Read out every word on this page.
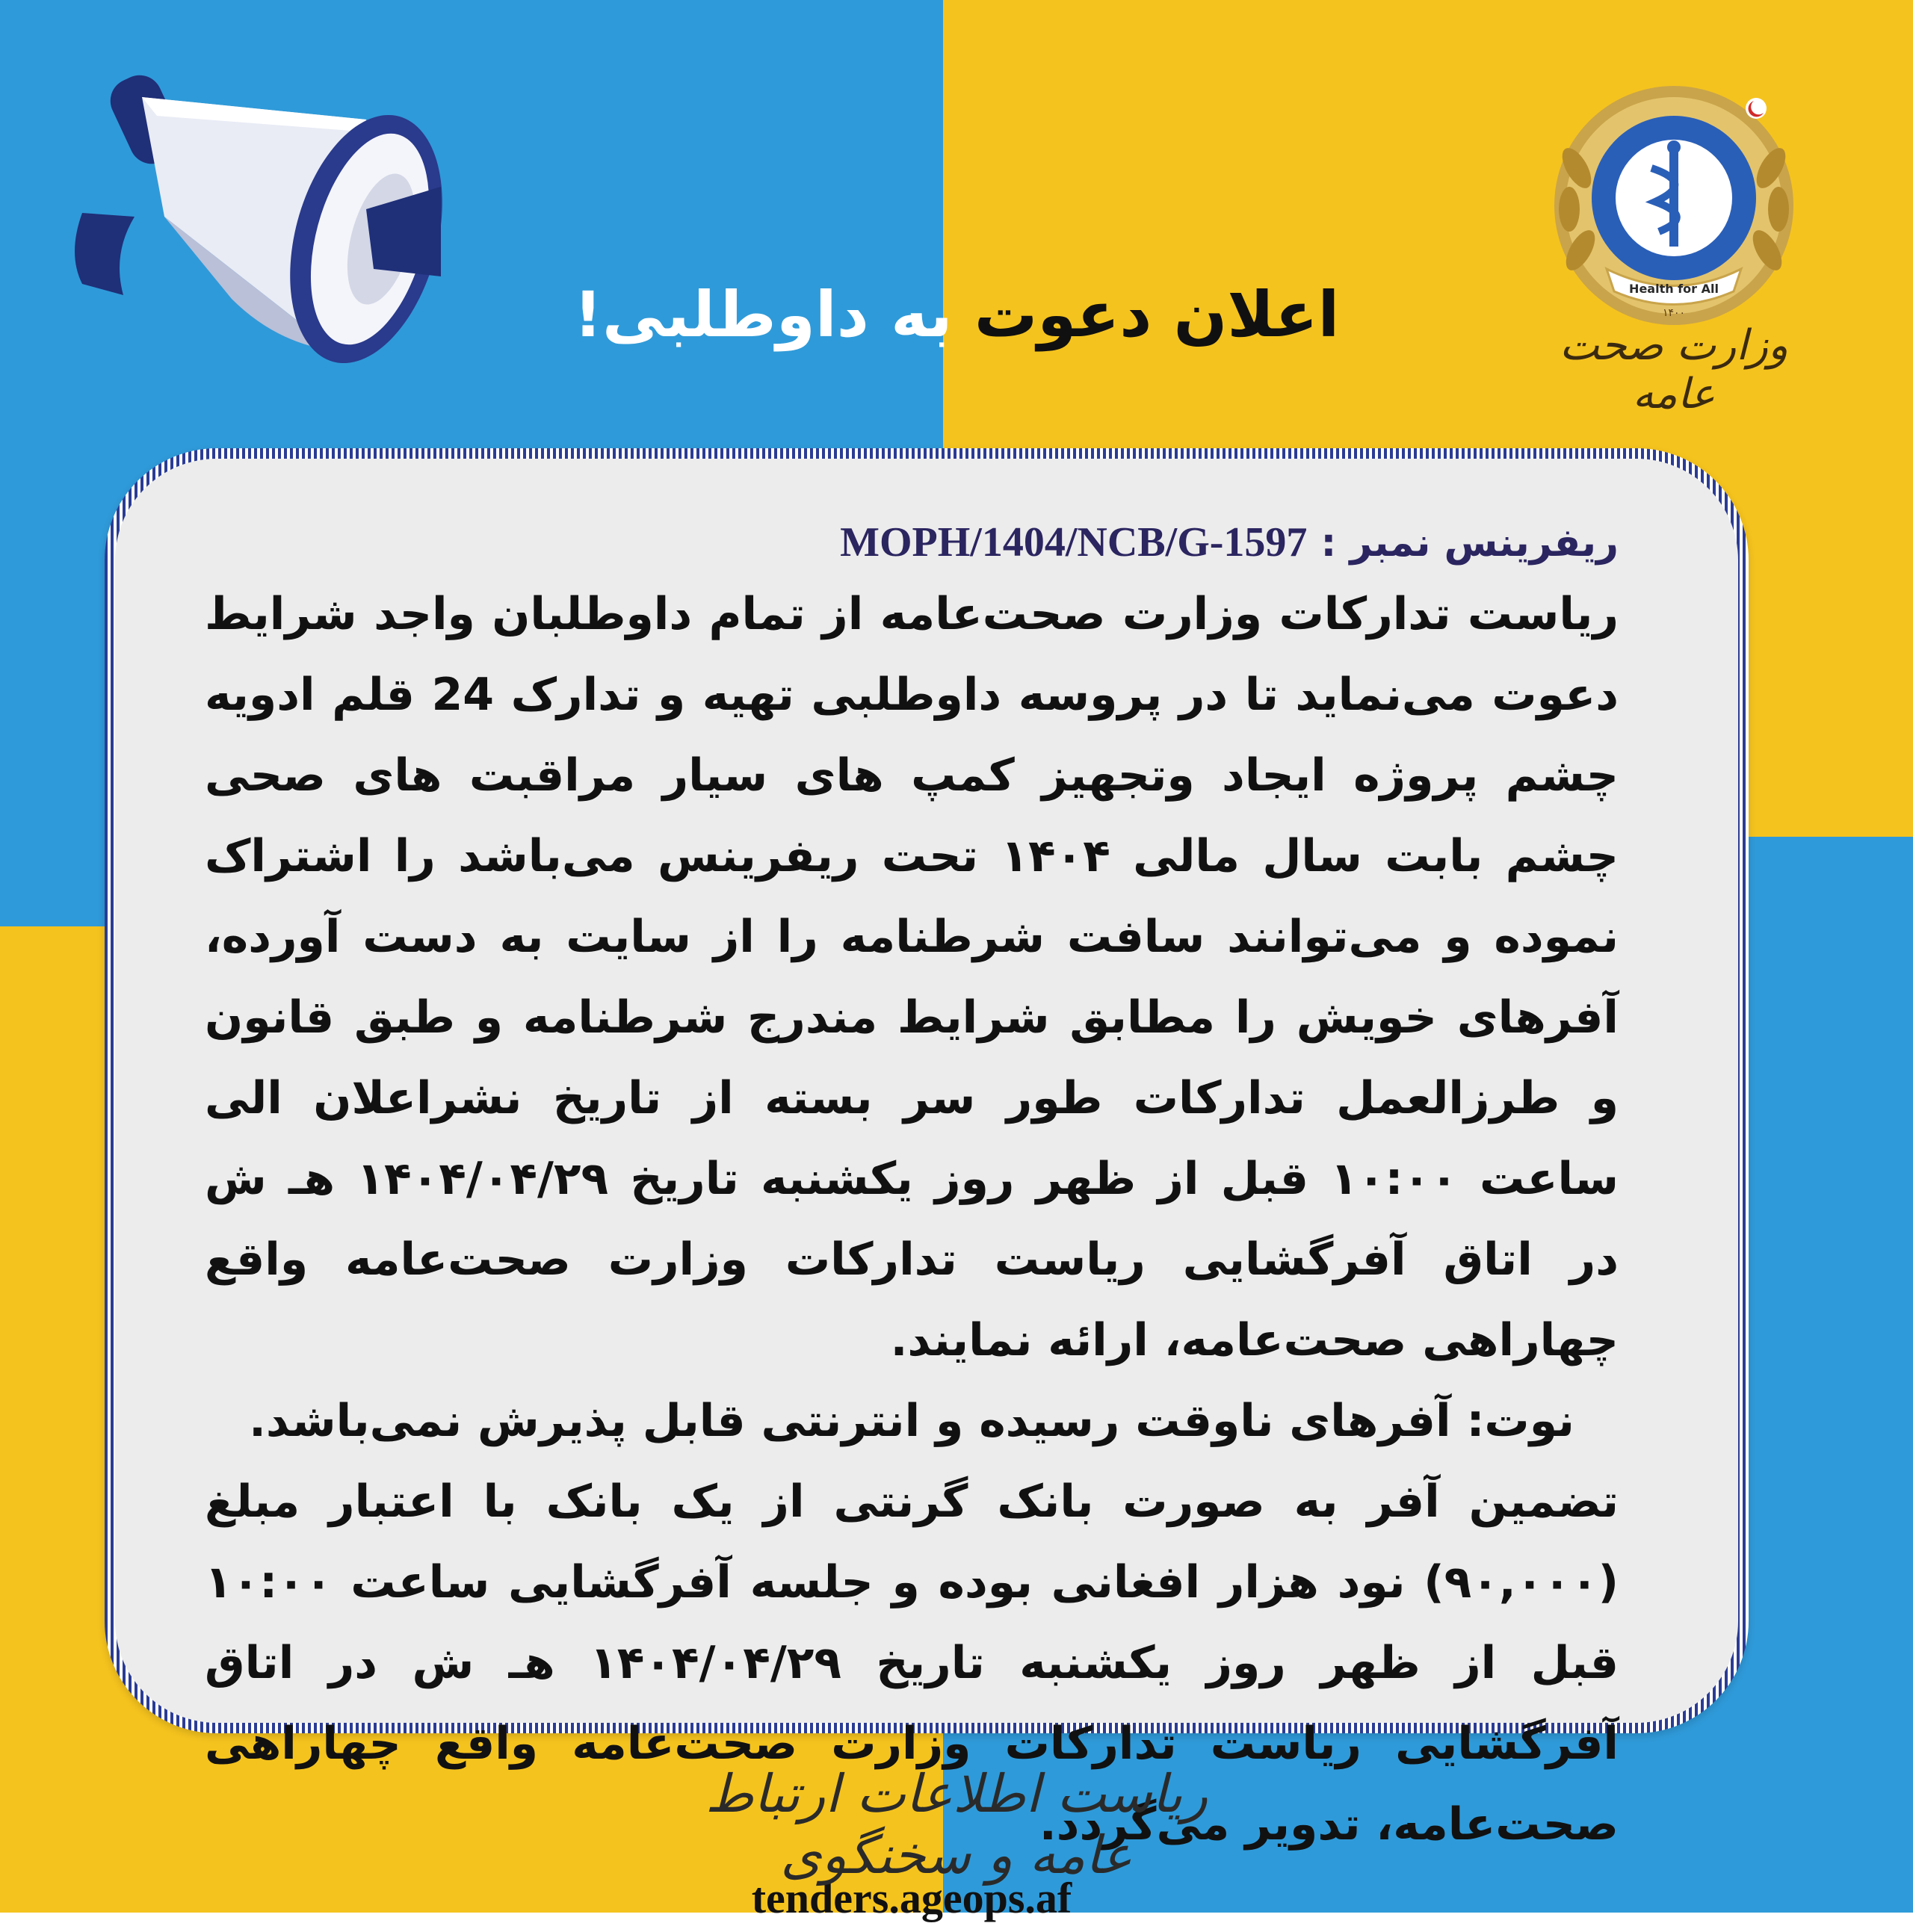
اعلان دعوت به داوطلبی!	Health for All
۱۴۰۰
وزارت صحت عامه

ریفرینس نمبر : MOPH/1404/NCB/G-1597

ریاست تدارکات وزارت صحت‌عامه از تمام داوطلبان واجد شرایط دعوت می‌نماید تا در پروسه داوطلبی تهیه و تدارک 24 قلم ادویه چشم پروژه ایجاد وتجهیز کمپ های سیار مراقبت های صحی چشم بابت سال مالی ۱۴۰۴ تحت ریفرینس می‌باشد را اشتراک نموده و می‌توانند سافت شرطنامه را از سایت به دست آورده، آفرهای خویش را مطابق شرایط مندرج شرطنامه و طبق قانون و طرزالعمل تدارکات طور سر بسته از تاریخ نشراعلان الی ساعت ۱۰:۰۰ قبل از ظهر روز یکشنبه تاریخ ۱۴۰۴/۰۴/۲۹ هـ ش در اتاق آفرگشایی ریاست تدارکات وزارت صحت‌عامه واقع چهاراهی صحت‌عامه، ارائه نمایند.
نوت: آفرهای ناوقت رسیده و انترنتی قابل پذیرش نمی‌باشد.
تضمین آفر به صورت بانک گرنتی از یک بانک با اعتبار مبلغ (۹۰,۰۰۰) نود هزار افغانی بوده و جلسه آفرگشایی ساعت ۱۰:۰۰ قبل از ظهر روز یکشنبه تاریخ ۱۴۰۴/۰۴/۲۹ هـ ش در اتاق آفرگشایی ریاست تدارکات وزارت صحت‌عامه واقع چهاراهی صحت‌عامه، تدویر می‌گردد.

tenders.ageops.af

ریاست اطلاعات ارتباط عامه و سخنگوی
